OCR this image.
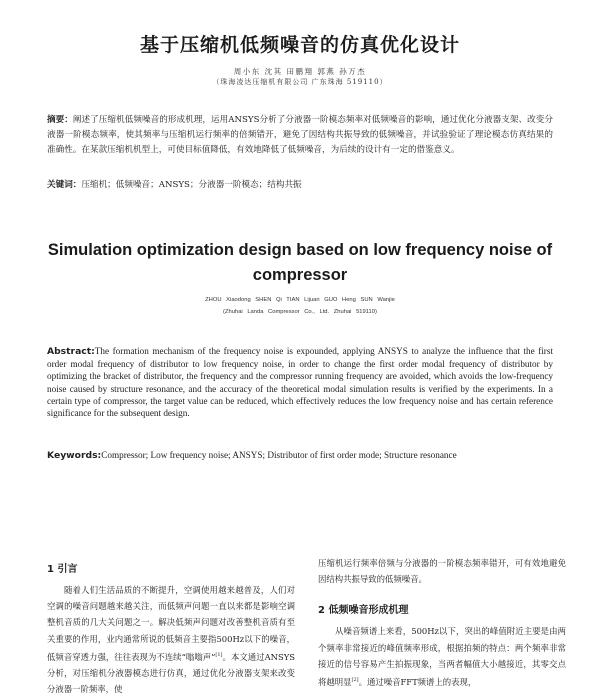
基于压缩机低频噪音的仿真优化设计
周小东 沈其 田鹏翔 郭燕 孙万杰
（珠海凌达压缩机有限公司 广东珠海 519110）
摘要：阐述了压缩机低频噪音的形成机理，运用ANSYS分析了分液器一阶模态频率对低频噪音的影响，通过优化分液器支架、改变分液器一阶模态频率，使其频率与压缩机运行频率的倍频错开，避免了因结构共振导致的低频噪音，并试验验证了理论模态仿真结果的准确性。在某款压缩机机型上，可使目标值降低，有效地降低了低频噪音，为后续的设计有一定的借鉴意义。
关键词：压缩机；低频噪音；ANSYS；分液器一阶模态；结构共振
Simulation optimization design based on low frequency noise of compressor
ZHOU Xiaodong SHEN Qi TIAN Lijuan GUO Heng SUN Wanjie
(Zhuhai Landa Compressor Co., Ltd. Zhuhai 519110)
Abstract:The formation mechanism of the frequency noise is expounded, applying ANSYS to analyze the influence that the first order modal frequency of distributor to low frequency noise, in order to change the first order modal frequency of distributor by optimizing the bracket of distributor, the frequency and the compressor running frequency are avoided, which avoids the low-frequency noise caused by structure resonance, and the accuracy of the theoretical modal simulation results is verified by the experiments. In a certain type of compressor, the target value can be reduced, which effectively reduces the low frequency noise and has certain reference significance for the subsequent design.
Keywords:Compressor; Low frequency noise; ANSYS; Distributor of first order mode; Structure resonance
1 引言

随着人们生活品质的不断提升，空调使用越来越普及，人们对空调的噪音问题越来越关注，而低频声问题一直以来都是影响空调整机音质的几大关问题之一。解决低频声问题对改善整机音质有至关重要的作用，业内通常所说的低频音主要指500Hz以下的噪音，低频音穿透力强，往往表现为不连续“嗡嗡声”[1]。本文通过ANSYS分析，对压缩机分液器模态进行仿真，通过优化分液器支架来改变分液器一阶频率，使

压缩机运行频率倍频与分液器的一阶模态频率错开，可有效地避免因结构共振导致的低频噪音。

2 低频噪音形成机理

从噪音频谱上来看，500Hz以下，突出的峰值附近主要是由两个频率非常接近的峰值频率形成，根据拍频的特点：两个频率非常接近的信号容易产生拍振现象，当两者幅值大小越接近，其零交点将越明显[2]。通过噪音FFT频谱上的表现，
